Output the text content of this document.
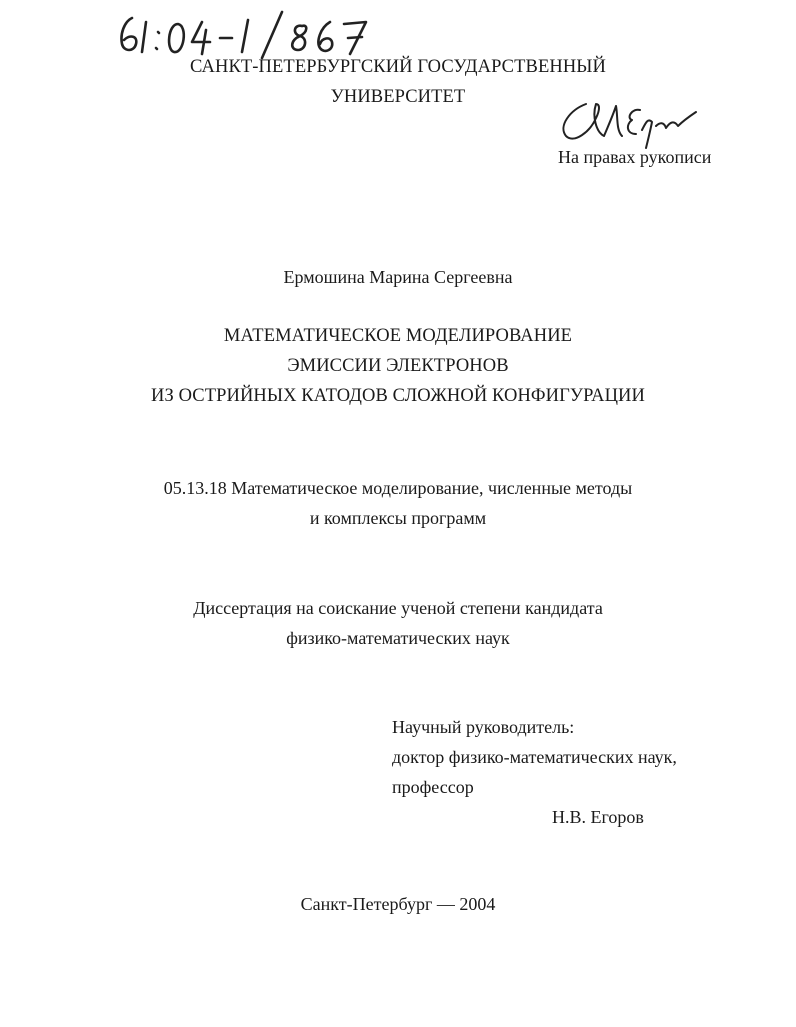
САНКТ-ПЕТЕРБУРГСКИЙ ГОСУДАРСТВЕННЫЙ
УНИВЕРСИТЕТ
На правах рукописи
Ермошина Марина Сергеевна
МАТЕМАТИЧЕСКОЕ МОДЕЛИРОВАНИЕ
ЭМИССИИ ЭЛЕКТРОНОВ
ИЗ ОСТРИЙНЫХ КАТОДОВ СЛОЖНОЙ КОНФИГУРАЦИИ
05.13.18 Математическое моделирование, численные методы
и комплексы программ
Диссертация на соискание ученой степени кандидата
физико-математических наук
Научный руководитель:
доктор физико-математических наук,
профессор
Н.В. Егоров
Санкт-Петербург — 2004
